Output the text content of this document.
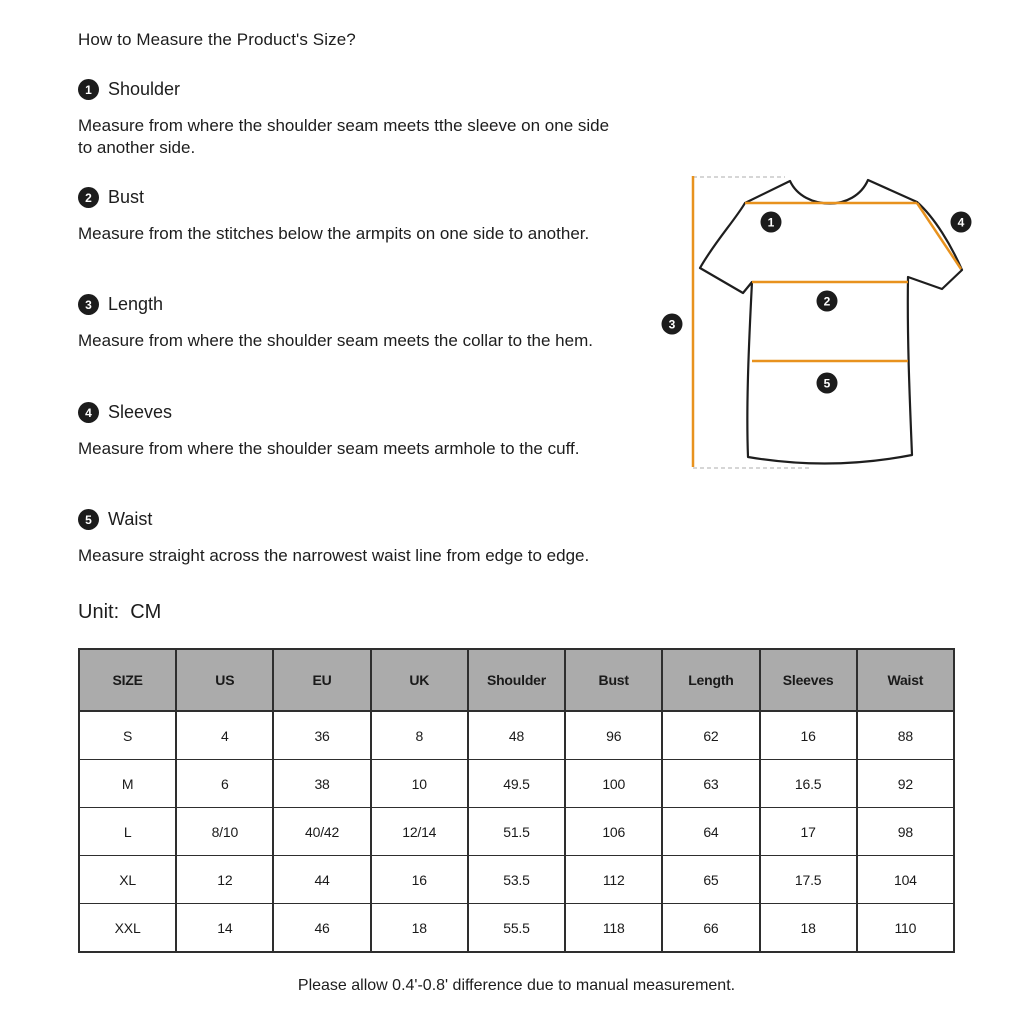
How to Measure the Product's Size?
1 Shoulder

Measure from where the shoulder seam meets tthe sleeve on one side to another side.

2 Bust

Measure from the stitches below the armpits on one side to another.

3 Length

Measure from where the shoulder seam meets the collar to the hem.

4 Sleeves

Measure from where the shoulder seam meets armhole to the cuff.

5 Waist

Measure straight across the narrowest waist line from edge to edge.

1
2
3
4
5
Unit:  CM
SIZE	US	EU	UK	Shoulder	Bust	Length	Sleeves	Waist
S	4	36	8	48	96	62	16	88
M	6	38	10	49.5	100	63	16.5	92
L	8/10	40/42	12/14	51.5	106	64	17	98
XL	12	44	16	53.5	112	65	17.5	104
XXL	14	46	18	55.5	118	66	18	110
Please allow 0.4'-0.8' difference due to manual measurement.
